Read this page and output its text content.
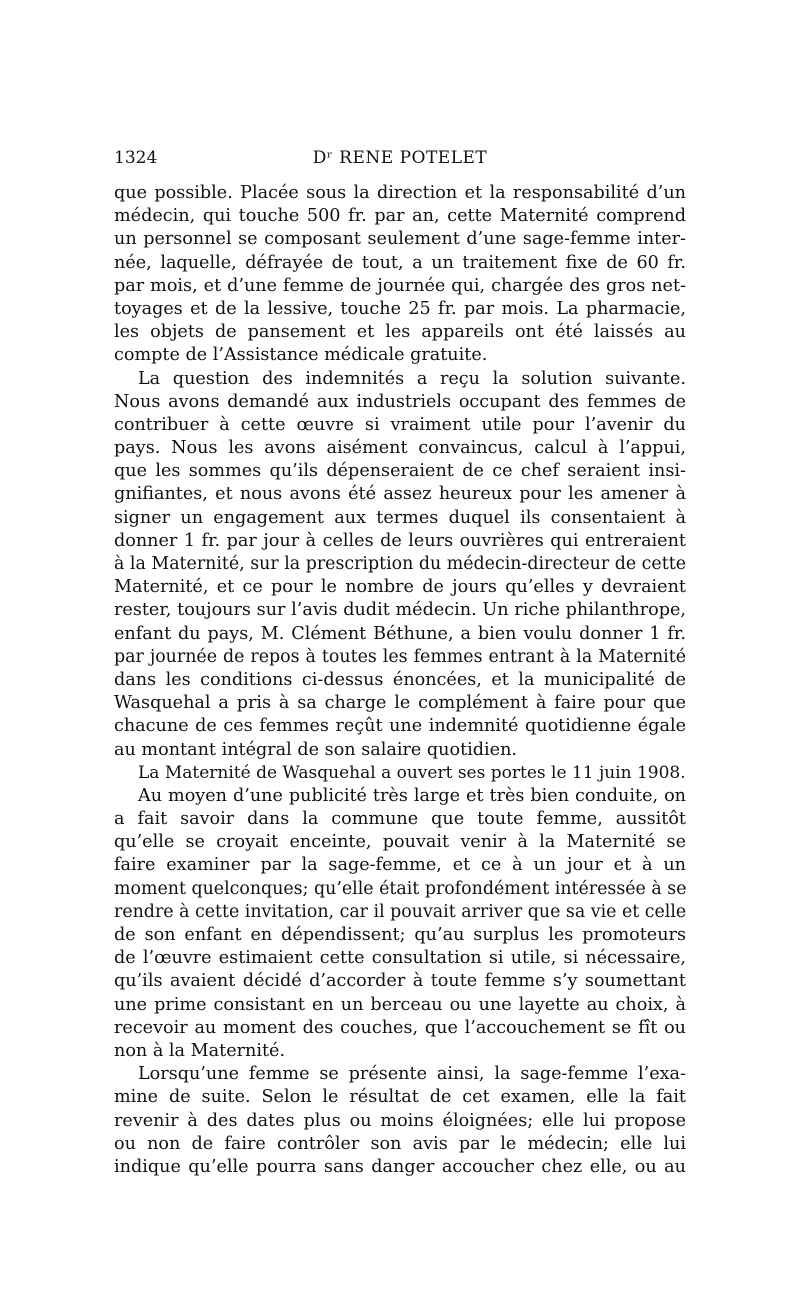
1324	Dʳ RENE POTELET
que possible. Placée sous la direction et la responsabilité d’un
médecin, qui touche 500 fr. par an, cette Maternité comprend
un personnel se composant seulement d’une sage-femme inter-
née, laquelle, défrayée de tout, a un traitement fixe de 60 fr.
par mois, et d’une femme de journée qui, chargée des gros net-
toyages et de la lessive, touche 25 fr. par mois. La pharmacie,
les objets de pansement et les appareils ont été laissés au
compte de l’Assistance médicale gratuite.
La question des indemnités a reçu la solution suivante.
Nous avons demandé aux industriels occupant des femmes de
contribuer à cette œuvre si vraiment utile pour l’avenir du
pays. Nous les avons aisément convaincus, calcul à l’appui,
que les sommes qu’ils dépenseraient de ce chef seraient insi-
gnifiantes, et nous avons été assez heureux pour les amener à
signer un engagement aux termes duquel ils consentaient à
donner 1 fr. par jour à celles de leurs ouvrières qui entreraient
à la Maternité, sur la prescription du médecin-directeur de cette
Maternité, et ce pour le nombre de jours qu’elles y devraient
rester, toujours sur l’avis dudit médecin. Un riche philanthrope,
enfant du pays, M. Clément Béthune, a bien voulu donner 1 fr.
par journée de repos à toutes les femmes entrant à la Maternité
dans les conditions ci-dessus énoncées, et la municipalité de
Wasquehal a pris à sa charge le complément à faire pour que
chacune de ces femmes reçût une indemnité quotidienne égale
au montant intégral de son salaire quotidien.
La Maternité de Wasquehal a ouvert ses portes le 11 juin 1908.
Au moyen d’une publicité très large et très bien conduite, on
a fait savoir dans la commune que toute femme, aussitôt
qu’elle se croyait enceinte, pouvait venir à la Maternité se
faire examiner par la sage-femme, et ce à un jour et à un
moment quelconques; qu’elle était profondément intéressée à se
rendre à cette invitation, car il pouvait arriver que sa vie et celle
de son enfant en dépendissent; qu’au surplus les promoteurs
de l’œuvre estimaient cette consultation si utile, si nécessaire,
qu’ils avaient décidé d’accorder à toute femme s’y soumettant
une prime consistant en un berceau ou une layette au choix, à
recevoir au moment des couches, que l’accouchement se fît ou
non à la Maternité.
Lorsqu’une femme se présente ainsi, la sage-femme l’exa-
mine de suite. Selon le résultat de cet examen, elle la fait
revenir à des dates plus ou moins éloignées; elle lui propose
ou non de faire contrôler son avis par le médecin; elle lui
indique qu’elle pourra sans danger accoucher chez elle, ou au
